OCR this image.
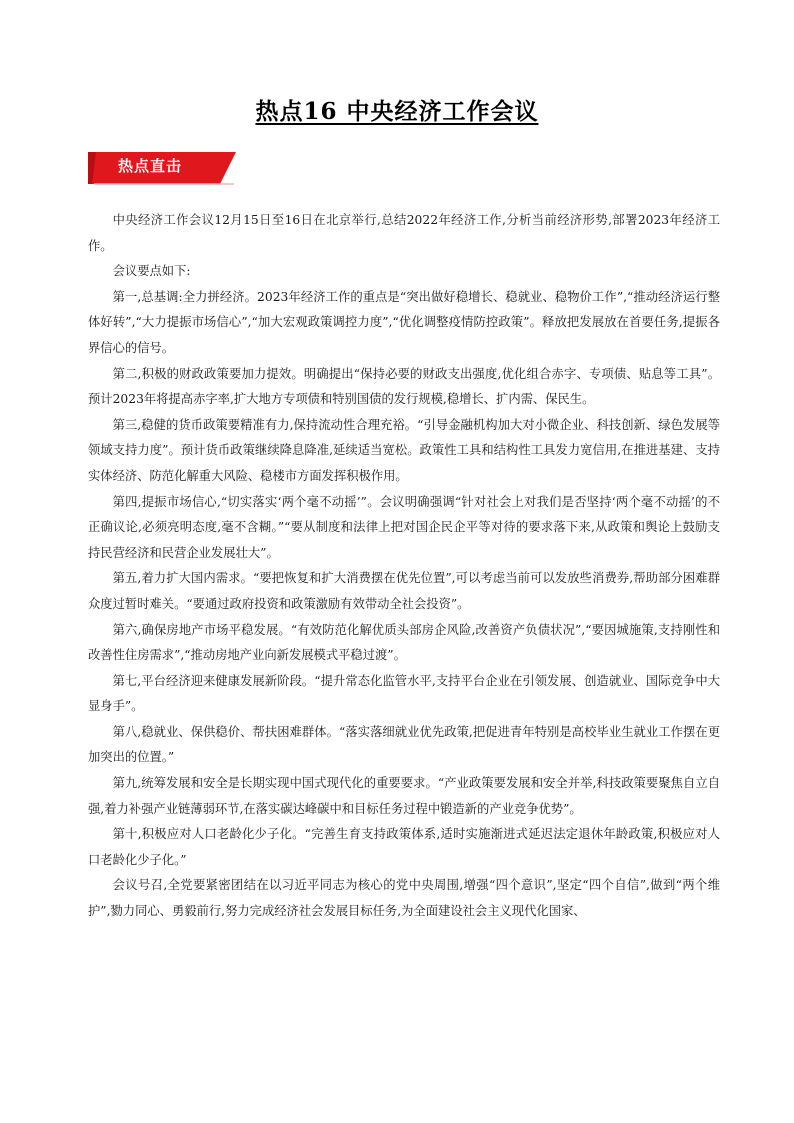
热点16 中央经济工作会议
热点直击

中央经济工作会议12月15日至16日在北京举行,总结2022年经济工作,分析当前经济形势,部署2023年经济工作。

会议要点如下:

第一,总基调:全力拼经济。2023年经济工作的重点是“突出做好稳增长、稳就业、稳物价工作”,“推动经济运行整体好转”,“大力提振市场信心”,“加大宏观政策调控力度”,“优化调整疫情防控政策”。释放把发展放在首要任务,提振各界信心的信号。

第二,积极的财政政策要加力提效。明确提出“保持必要的财政支出强度,优化组合赤字、专项债、贴息等工具”。预计2023年将提高赤字率,扩大地方专项债和特别国债的发行规模,稳增长、扩内需、保民生。

第三,稳健的货币政策要精准有力,保持流动性合理充裕。“引导金融机构加大对小微企业、科技创新、绿色发展等领域支持力度”。预计货币政策继续降息降准,延续适当宽松。政策性工具和结构性工具发力宽信用,在推进基建、支持实体经济、防范化解重大风险、稳楼市方面发挥积极作用。

第四,提振市场信心,“切实落实‘两个毫不动摇’”。会议明确强调“针对社会上对我们是否坚持‘两个毫不动摇’的不正确议论,必须亮明态度,毫不含糊。”“要从制度和法律上把对国企民企平等对待的要求落下来,从政策和舆论上鼓励支持民营经济和民营企业发展壮大”。

第五,着力扩大国内需求。“要把恢复和扩大消费摆在优先位置”,可以考虑当前可以发放些消费券,帮助部分困难群众度过暂时难关。“要通过政府投资和政策激励有效带动全社会投资”。

第六,确保房地产市场平稳发展。“有效防范化解优质头部房企风险,改善资产负债状况”,“要因城施策,支持刚性和改善性住房需求”,“推动房地产业向新发展模式平稳过渡”。

第七,平台经济迎来健康发展新阶段。“提升常态化监管水平,支持平台企业在引领发展、创造就业、国际竞争中大显身手”。

第八,稳就业、保供稳价、帮扶困难群体。“落实落细就业优先政策,把促进青年特别是高校毕业生就业工作摆在更加突出的位置。”

第九,统筹发展和安全是长期实现中国式现代化的重要要求。“产业政策要发展和安全并举,科技政策要聚焦自立自强,着力补强产业链薄弱环节,在落实碳达峰碳中和目标任务过程中锻造新的产业竞争优势”。

第十,积极应对人口老龄化少子化。“完善生育支持政策体系,适时实施渐进式延迟法定退休年龄政策,积极应对人口老龄化少子化。”

会议号召,全党要紧密团结在以习近平同志为核心的党中央周围,增强“四个意识”,坚定“四个自信”,做到“两个维护”,勠力同心、勇毅前行,努力完成经济社会发展目标任务,为全面建设社会主义现代化国家、
